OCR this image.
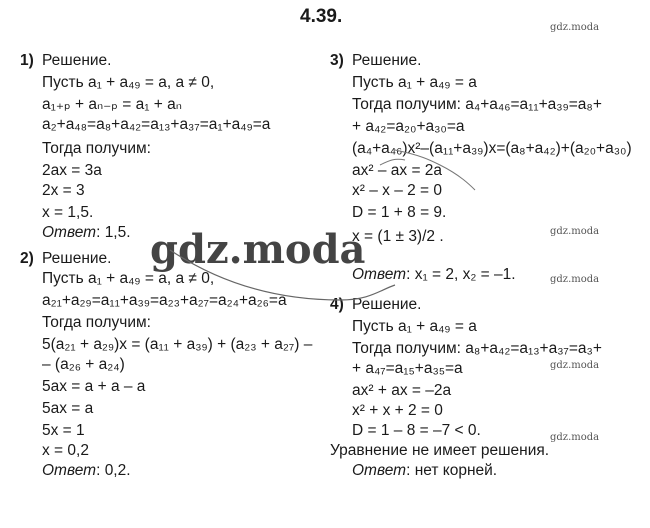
4.39.
1) Решение.
Пусть a₁ + a₄₉ = a, a ≠ 0,
a₁₊ₚ + aₙ₋ₚ = a₁ + aₙ
a₂+a₄₈=a₈+a₄₂=a₁₃+a₃₇=a₁+a₄₉=a
Тогда получим:
2ax = 3a
2x = 3
x = 1,5.
Ответ: 1,5.
2) Решение.
Пусть a₁ + a₄₉ = a, a ≠ 0,
a₂₁+a₂₉=a₁₁+a₃₉=a₂₃+a₂₇=a₂₄+a₂₆=a
Тогда получим:
5(a₂₁ + a₂₉)x = (a₁₁ + a₃₉) + (a₂₃ + a₂₇) –
– (a₂₆ + a₂₄)
5ax = a + a – a
5ax = a
5x = 1
x = 0,2
Ответ: 0,2.
3) Решение.
Пусть a₁ + a₄₉ = a
Тогда получим: a₄+a₄₆=a₁₁+a₃₉=a₈+
+ a₄₂=a₂₀+a₃₀=a
(a₄+a₄₆)x²–(a₁₁+a₃₉)x=(a₈+a₄₂)+(a₂₀+a₃₀)
ax² – ax = 2a
x² – x – 2 = 0
D = 1 + 8 = 9.
x = (1 ± 3)/2 .
Ответ: x₁ = 2, x₂ = –1.
4) Решение.
Пусть a₁ + a₄₉ = a
Тогда получим: a₈+a₄₂=a₁₃+a₃₇=a₃+
+ a₄₇=a₁₅+a₃₅=a
ax² + ax = –2a
x² + x + 2 = 0
D = 1 – 8 = –7 < 0.
Уравнение не имеет решения.
Ответ: нет корней.
gdz.moda
gdz.moda
gdz.moda
gdz.moda
gdz.moda
gdz.moda
